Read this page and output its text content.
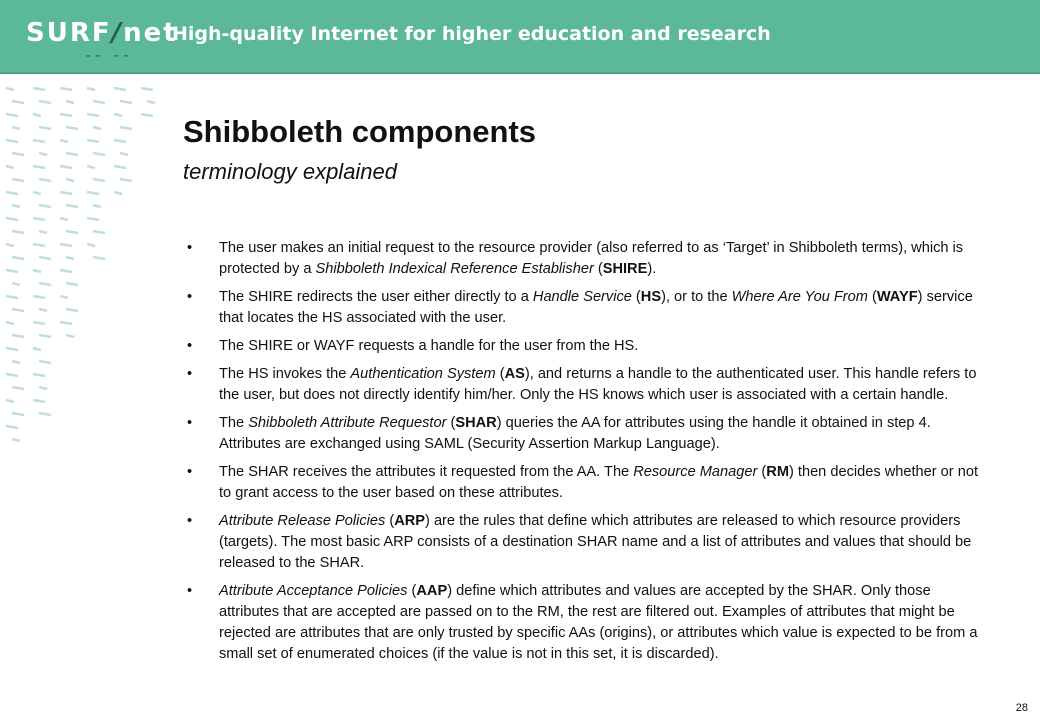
SURF/net
-- --
High-quality Internet for higher education and research
Shibboleth components
terminology explained
• The user makes an initial request to the resource provider (also referred to as ‘Target’ in Shibboleth terms), which is protected by a Shibboleth Indexical Reference Establisher (SHIRE).
• The SHIRE redirects the user either directly to a Handle Service (HS), or to the Where Are You From (WAYF) service that locates the HS associated with the user.
• The SHIRE or WAYF requests a handle for the user from the HS.
• The HS invokes the Authentication System (AS), and returns a handle to the authenticated user. This handle refers to the user, but does not directly identify him/her. Only the HS knows which user is associated with a certain handle.
• The Shibboleth Attribute Requestor (SHAR) queries the AA for attributes using the handle it obtained in step 4. Attributes are exchanged using SAML (Security Assertion Markup Language).
• The SHAR receives the attributes it requested from the AA. The Resource Manager (RM) then decides whether or not to grant access to the user based on these attributes.
• Attribute Release Policies (ARP) are the rules that define which attributes are released to which resource providers (targets). The most basic ARP consists of a destination SHAR name and a list of attributes and values that should be released to the SHAR.
• Attribute Acceptance Policies (AAP) define which attributes and values are accepted by the SHAR. Only those attributes that are accepted are passed on to the RM, the rest are filtered out. Examples of attributes that might be rejected are attributes that are only trusted by specific AAs (origins), or attributes which value is expected to be from a small set of enumerated choices (if the value is not in this set, it is discarded).
28
